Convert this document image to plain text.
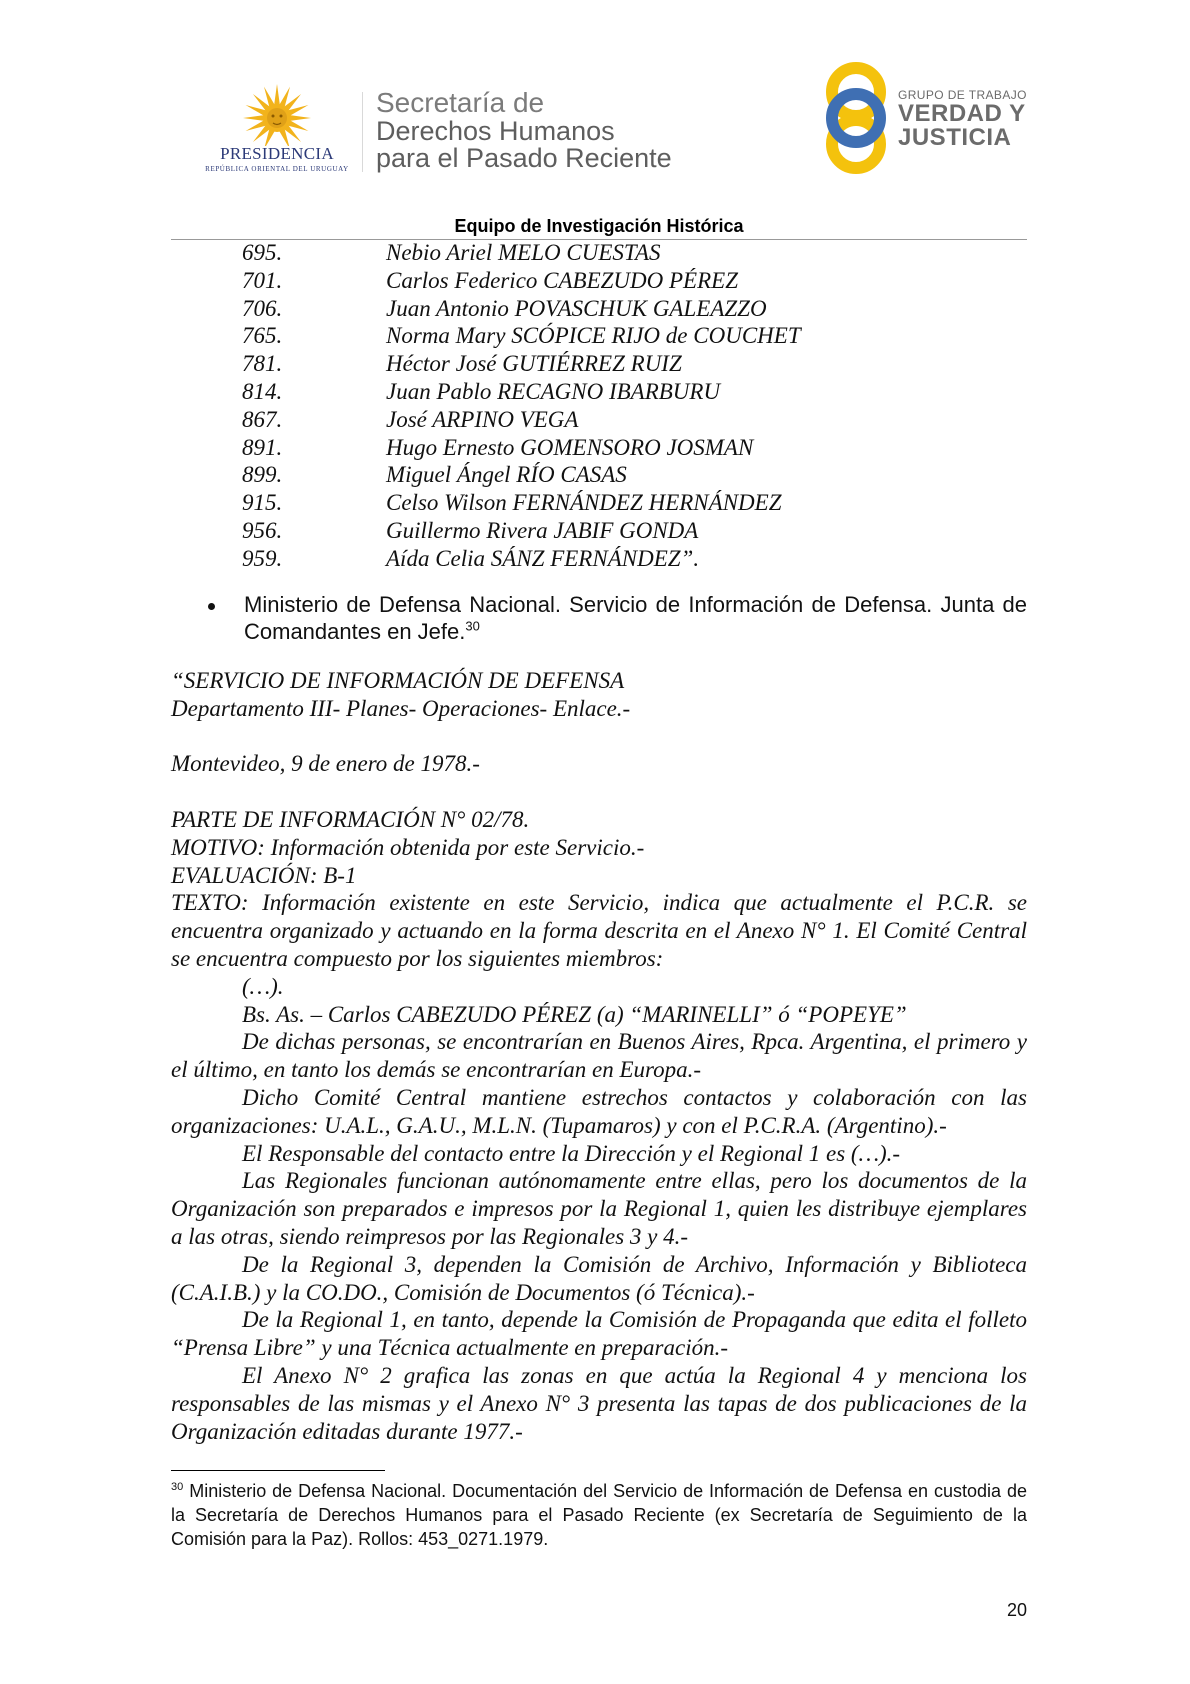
PRESIDENCIA
REPÚBLICA ORIENTAL DEL URUGUAY
Secretaría de
Derechos Humanos
para el Pasado Reciente
GRUPO DE TRABAJO
VERDAD Y
JUSTICIA
Equipo de Investigación Histórica
695.	Nebio Ariel MELO CUESTAS
701.	Carlos Federico CABEZUDO PÉREZ
706.	Juan Antonio POVASCHUK GALEAZZO
765.	Norma Mary SCÓPICE RIJO de COUCHET
781.	Héctor José GUTIÉRREZ RUIZ
814.	Juan Pablo RECAGNO IBARBURU
867.	José ARPINO VEGA
891.	Hugo Ernesto GOMENSORO JOSMAN
899.	Miguel Ángel RÍO CASAS
915.	Celso Wilson FERNÁNDEZ HERNÁNDEZ
956.	Guillermo Rivera JABIF GONDA
959.	Aída Celia SÁNZ FERNÁNDEZ”.
Ministerio de Defensa Nacional. Servicio de Información de Defensa. Junta de Comandantes en Jefe.$^{30}$

“SERVICIO DE INFORMACIÓN DE DEFENSA

Departamento III- Planes- Operaciones- Enlace.-

Montevideo, 9 de enero de 1978.-

PARTE DE INFORMACIÓN N° 02/78.

MOTIVO: Información obtenida por este Servicio.-

EVALUACIÓN: B-1

TEXTO: Información existente en este Servicio, indica que actualmente el P.C.R. se encuentra organizado y actuando en la forma descrita en el Anexo N° 1. El Comité Central se encuentra compuesto por los siguientes miembros:

(…).

Bs. As. – Carlos CABEZUDO PÉREZ (a) “MARINELLI” ó “POPEYE”

De dichas personas, se encontrarían en Buenos Aires, Rpca. Argentina, el primero y el último, en tanto los demás se encontrarían en Europa.-

Dicho Comité Central mantiene estrechos contactos y colaboración con las organizaciones: U.A.L., G.A.U., M.L.N. (Tupamaros) y con el P.C.R.A. (Argentino).-

El Responsable del contacto entre la Dirección y el Regional 1 es (…).-

Las Regionales funcionan autónomamente entre ellas, pero los documentos de la Organización son preparados e impresos por la Regional 1, quien les distribuye ejemplares a las otras, siendo reimpresos por las Regionales 3 y 4.-

De la Regional 3, dependen la Comisión de Archivo, Información y Biblioteca (C.A.I.B.) y la CO.DO., Comisión de Documentos (ó Técnica).-

De la Regional 1, en tanto, depende la Comisión de Propaganda que edita el folleto “Prensa Libre” y una Técnica actualmente en preparación.-

El Anexo N° 2 grafica las zonas en que actúa la Regional 4 y menciona los responsables de las mismas y el Anexo N° 3 presenta las tapas de dos publicaciones de la Organización editadas durante 1977.-

$^{30}$ Ministerio de Defensa Nacional. Documentación del Servicio de Información de Defensa en custodia de la Secretaría de Derechos Humanos para el Pasado Reciente (ex Secretaría de Seguimiento de la Comisión para la Paz). Rollos: 453_0271.1979.
20
